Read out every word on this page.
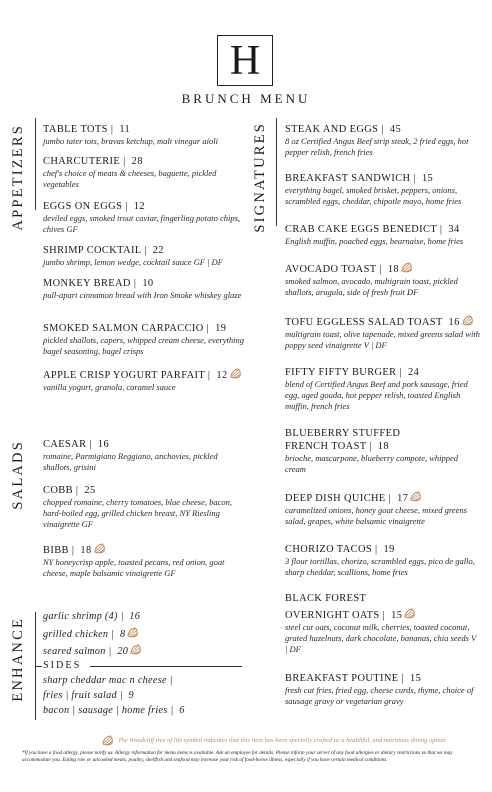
H
BRUNCH MENU
APPETIZERS
SALADS
ENHANCE
SIGNATURES
TABLE TOTS |  11
jumbo tater tots, bravas ketchup, malt vinegar aioli
CHARCUTERIE |  28
chef's choice of meats & cheeses, baguette, pickled vegetables
EGGS ON EGGS |  12
deviled eggs, smoked trout caviar, fingerling potato chips, chives GF
SHRIMP COCKTAIL |  22
jumbo shrimp, lemon wedge, cocktail sauce GF | DF
MONKEY BREAD |  10
pull-apart cinnamon bread with Iron Smoke whiskey glaze
SMOKED SALMON CARPACCIO |  19
pickled shallots, capers, whipped cream cheese, everything bagel seasoning, bagel crisps
APPLE CRISP YOGURT PARFAIT |  12
vanilla yogurt, granola, caramel sauce
CAESAR |  16
romaine, Parmigiano Reggiano, anchovies, pickled shallots, grisini
COBB |  25
chopped romaine, cherry tomatoes, blue cheese, bacon, hard-boiled egg, grilled chicken breast, NY Riesling vinaigrette GF
BIBB |  18
NY honeycrisp apple, toasted pecans, red onion, goat cheese, maple balsamic vinaigrette GF
garlic shrimp (4) |  16
grilled chicken |  8
seared salmon |  20
SIDES
sharp cheddar mac n cheese |
fries | fruit salad | 9
bacon | sausage | home fries | 6
STEAK AND EGGS |  45
8 oz Certified Angus Beef strip steak, 2 fried eggs, hot pepper relish, french fries
BREAKFAST SANDWICH |  15
everything bagel, smoked brisket, peppers, onions, scrambled eggs, cheddar, chipotle mayo, home fries
CRAB CAKE EGGS BENEDICT |  34
English muffin, poached eggs, bearnaise, home fries
AVOCADO TOAST |  18
smoked salmon, avocado, multigrain toast, pickled shallots, arugula, side of fresh fruit DF
TOFU EGGLESS SALAD TOAST 16
multigrain toast, olive tapenade, mixed greens salad with poppy seed vinaigrette V | DF
FIFTY FIFTY BURGER |  24
blend of Certified Angus Beef and pork sausage, fried egg, aged gouda, hot pepper relish, toasted English muffin, french fries
BLUEBERRY STUFFED
FRENCH TOAST |  18
brioche, mascarpone, blueberry compote, whipped cream
DEEP DISH QUICHE |  17
caramelized onions, honey goat cheese, mixed greens salad, grapes, white balsamic vinaigrette
CHORIZO TACOS |  19
3 flour tortillas, chorizo, scrambled eggs, pico de gallo, sharp cheddar, scallions, home fries
BLACK FOREST
OVERNIGHT OATS |  15
steel cut oats, coconut milk, cherries, toasted coconut, grated hazelnuts, dark chocolate, bananas, chia seeds V | DF
BREAKFAST POUTINE |  15
fresh cut fries, fried egg, cheese curds, thyme, choice of sausage gravy or vegetarian gravy
The Woodcliff tree of life symbol indicates that this item has been specially crafted as a healthful, and nutritious dining option
*If you have a food allergy, please notify us. Allergy information for menu items is available. Ask an employee for details. Please inform your server of any food allergies or dietary restrictions so that we may accommodate you. Eating raw or uncooked meats, poultry, shellfish and seafood may increase your risk of food-borne illness, especially if you have certain medical conditions.
